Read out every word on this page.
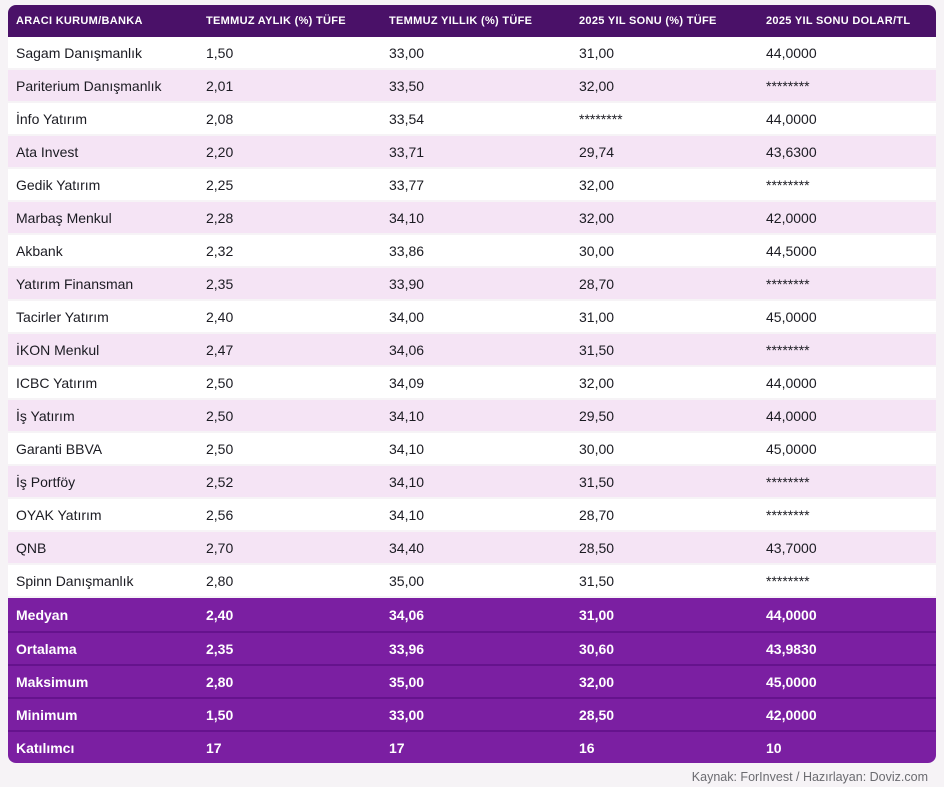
ARACI KURUM/BANKA	TEMMUZ AYLIK (%) TÜFE	TEMMUZ YILLIK (%) TÜFE	2025 YIL SONU (%) TÜFE	2025 YIL SONU DOLAR/TL
Sagam Danışmanlık	1,50	33,00	31,00	44,0000
Pariterium Danışmanlık	2,01	33,50	32,00	********
İnfo Yatırım	2,08	33,54	********	44,0000
Ata Invest	2,20	33,71	29,74	43,6300
Gedik Yatırım	2,25	33,77	32,00	********
Marbaş Menkul	2,28	34,10	32,00	42,0000
Akbank	2,32	33,86	30,00	44,5000
Yatırım Finansman	2,35	33,90	28,70	********
Tacirler Yatırım	2,40	34,00	31,00	45,0000
İKON Menkul	2,47	34,06	31,50	********
ICBC Yatırım	2,50	34,09	32,00	44,0000
İş Yatırım	2,50	34,10	29,50	44,0000
Garanti BBVA	2,50	34,10	30,00	45,0000
İş Portföy	2,52	34,10	31,50	********
OYAK Yatırım	2,56	34,10	28,70	********
QNB	2,70	34,40	28,50	43,7000
Spinn Danışmanlık	2,80	35,00	31,50	********
Medyan	2,40	34,06	31,00	44,0000
Ortalama	2,35	33,96	30,60	43,9830
Maksimum	2,80	35,00	32,00	45,0000
Minimum	1,50	33,00	28,50	42,0000
Katılımcı	17	17	16	10
Kaynak: ForInvest / Hazırlayan: Doviz.com
